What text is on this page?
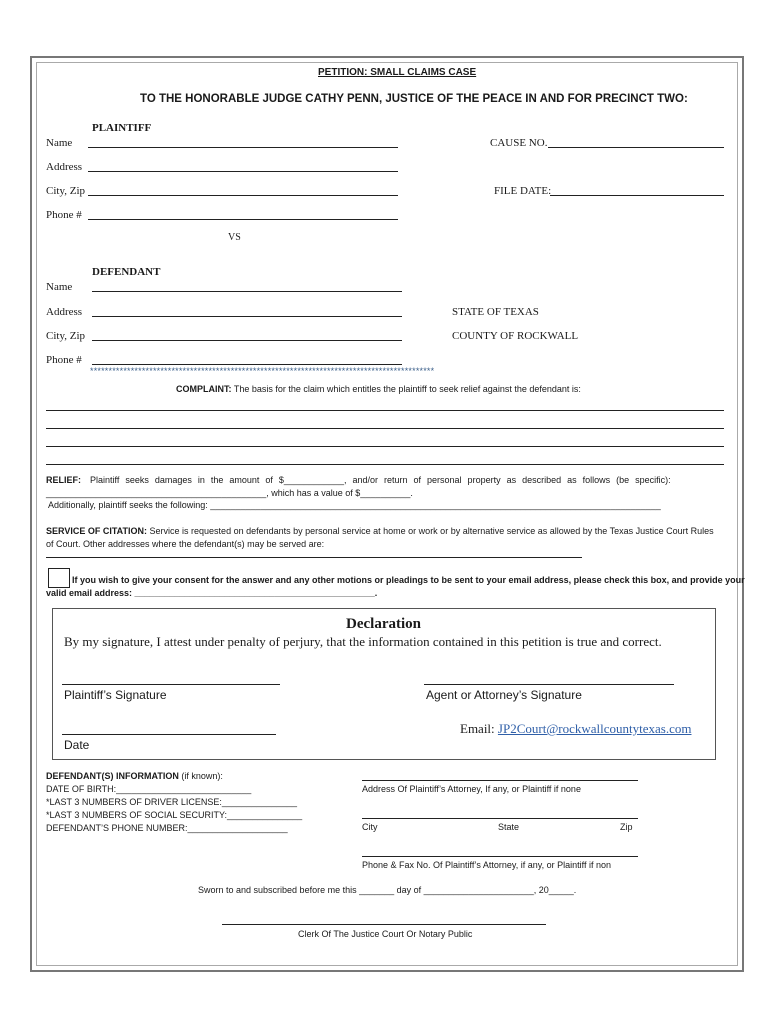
PETITION: SMALL CLAIMS CASE
TO THE HONORABLE JUDGE CATHY PENN, JUSTICE OF THE PEACE IN AND FOR PRECINCT TWO:
PLAINTIFF
Name
Address
City, Zip
Phone #
CAUSE NO.
FILE DATE:
VS
DEFENDANT
Name
Address
City, Zip
Phone #
STATE OF TEXAS
COUNTY OF ROCKWALL
*********************************************************************************************
COMPLAINT: The basis for the claim which entitles the plaintiff to seek relief against the defendant is:
RELIEF: Plaintiff seeks damages in the amount of $____________, and/or return of personal property as described as follows (be specific):
____________________________________________, which has a value of $__________.
Additionally, plaintiff seeks the following: __________________________________________________________________________________________
SERVICE OF CITATION: Service is requested on defendants by personal service at home or work or by alternative service as allowed by the Texas Justice Court Rules
of Court. Other addresses where the defendant(s) may be served are:
If you wish to give your consent for the answer and any other motions or pleadings to be sent to your email address, please check this box, and provide your
valid email address: ________________________________________________.
Declaration
By my signature, I attest under penalty of perjury, that the information contained in this petition is true and correct.
Plaintiff’s Signature	Agent or Attorney’s Signature
Email: JP2Court@rockwallcountytexas.com
Date
DEFENDANT(S) INFORMATION (if known):
DATE OF BIRTH:___________________________
*LAST 3 NUMBERS OF DRIVER LICENSE:_______________
*LAST 3 NUMBERS OF SOCIAL SECURITY:_______________
DEFENDANT’S PHONE NUMBER:____________________
Address Of Plaintiff’s Attorney, If any, or Plaintiff if none
City	State	Zip
Phone & Fax No. Of Plaintiff’s Attorney, if any, or Plaintiff if non
Sworn to and subscribed before me this _______ day of ______________________, 20_____.
Clerk Of The Justice Court Or Notary Public
